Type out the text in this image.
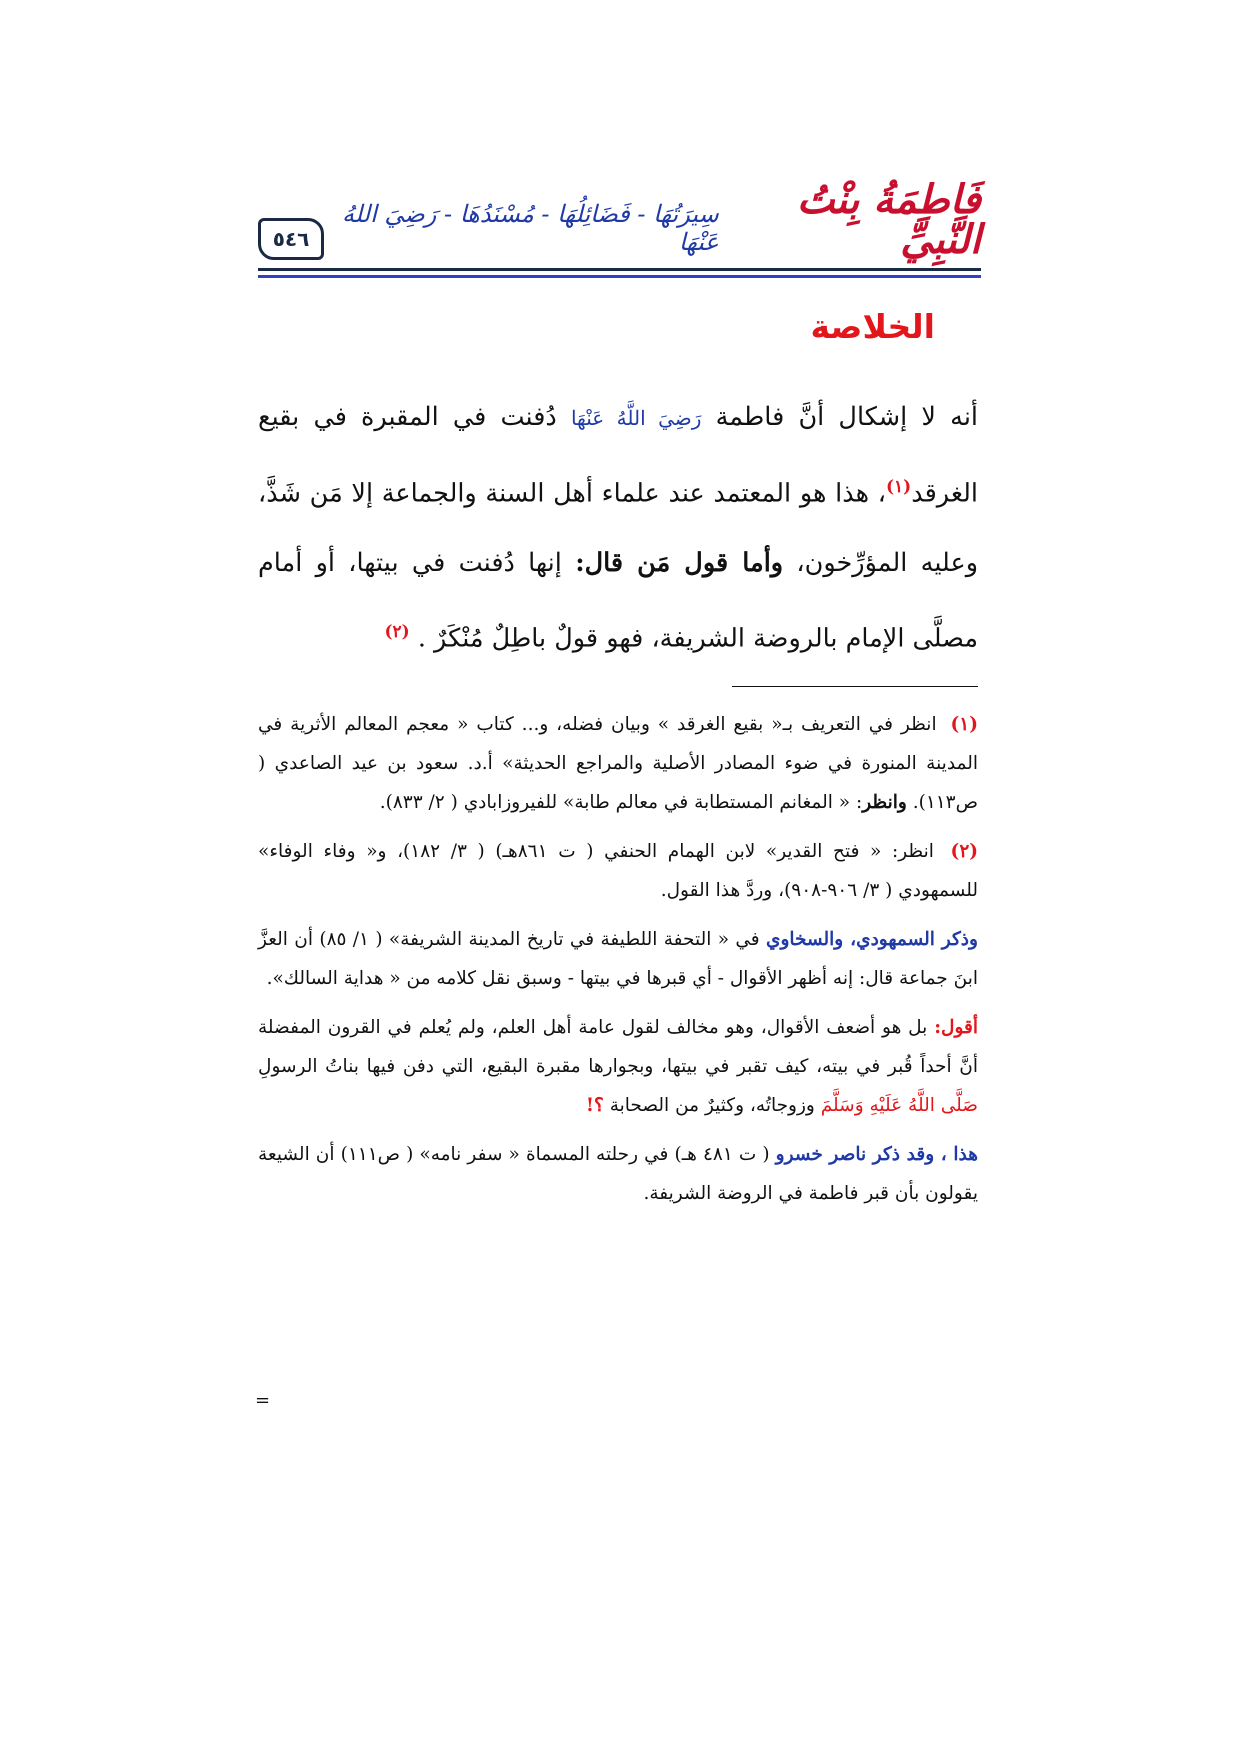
٥٤٦
فَاطِمَةُ بِنْتُ النَّبِيِّ
سِيرَتُهَا - فَضَائِلُهَا - مُسْنَدُهَا - رَضِيَ اللهُ عَنْهَا
الخلاصة

أنه لا إشكال أنَّ فاطمة رَضِيَ اللَّهُ عَنْهَا دُفنت في المقبرة في بقيع الغرقد$^{(١)}$، هذا هو المعتمد عند علماء أهل السنة والجماعة إلا مَن شَذَّ، وعليه المؤرِّخون، وأما قول مَن قال: إنها دُفنت في بيتها، أو أمام مصلَّى الإمام بالروضة الشريفة، فهو قولٌ باطِلٌ مُنْكَرٌ . $^{(٢)}$

(١) انظر في التعريف بـ« بقيع الغرقد » وبيان فضله، و... كتاب « معجم المعالم الأثرية في المدينة المنورة في ضوء المصادر الأصلية والمراجع الحديثة» أ.د. سعود بن عيد الصاعدي ( ص١١٣). وانظر: « المغانم المستطابة في معالم طابة» للفيروزابادي ( ٢/ ٨٣٣).

(٢) انظر: « فتح القدير» لابن الهمام الحنفي ( ت ٨٦١هـ) ( ٣/ ١٨٢)، و« وفاء الوفاء» للسمهودي ( ٣/ ٩٠٦-٩٠٨)، وردَّ هذا القول.

وذكر السمهودي، والسخاوي في « التحفة اللطيفة في تاريخ المدينة الشريفة» ( ١/ ٨٥) أن العزَّ ابنَ جماعة قال: إنه أظهر الأقوال - أي قبرها في بيتها - وسبق نقل كلامه من « هداية السالك».

أقول: بل هو أضعف الأقوال، وهو مخالف لقول عامة أهل العلم، ولم يُعلم في القرون المفضلة أنَّ أحداً قُبر في بيته، كيف تقبر في بيتها، وبجوارها مقبرة البقيع، التي دفن فيها بناتُ الرسولِ صَلَّى اللَّهُ عَلَيْهِ وَسَلَّمَ وزوجاتُه، وكثيرٌ من الصحابة ؟!

هذا ، وقد ذكر ناصر خسرو ( ت ٤٨١ هـ) في رحلته المسماة « سفر نامه» ( ص١١١) أن الشيعة يقولون بأن قبر فاطمة في الروضة الشريفة.

=
